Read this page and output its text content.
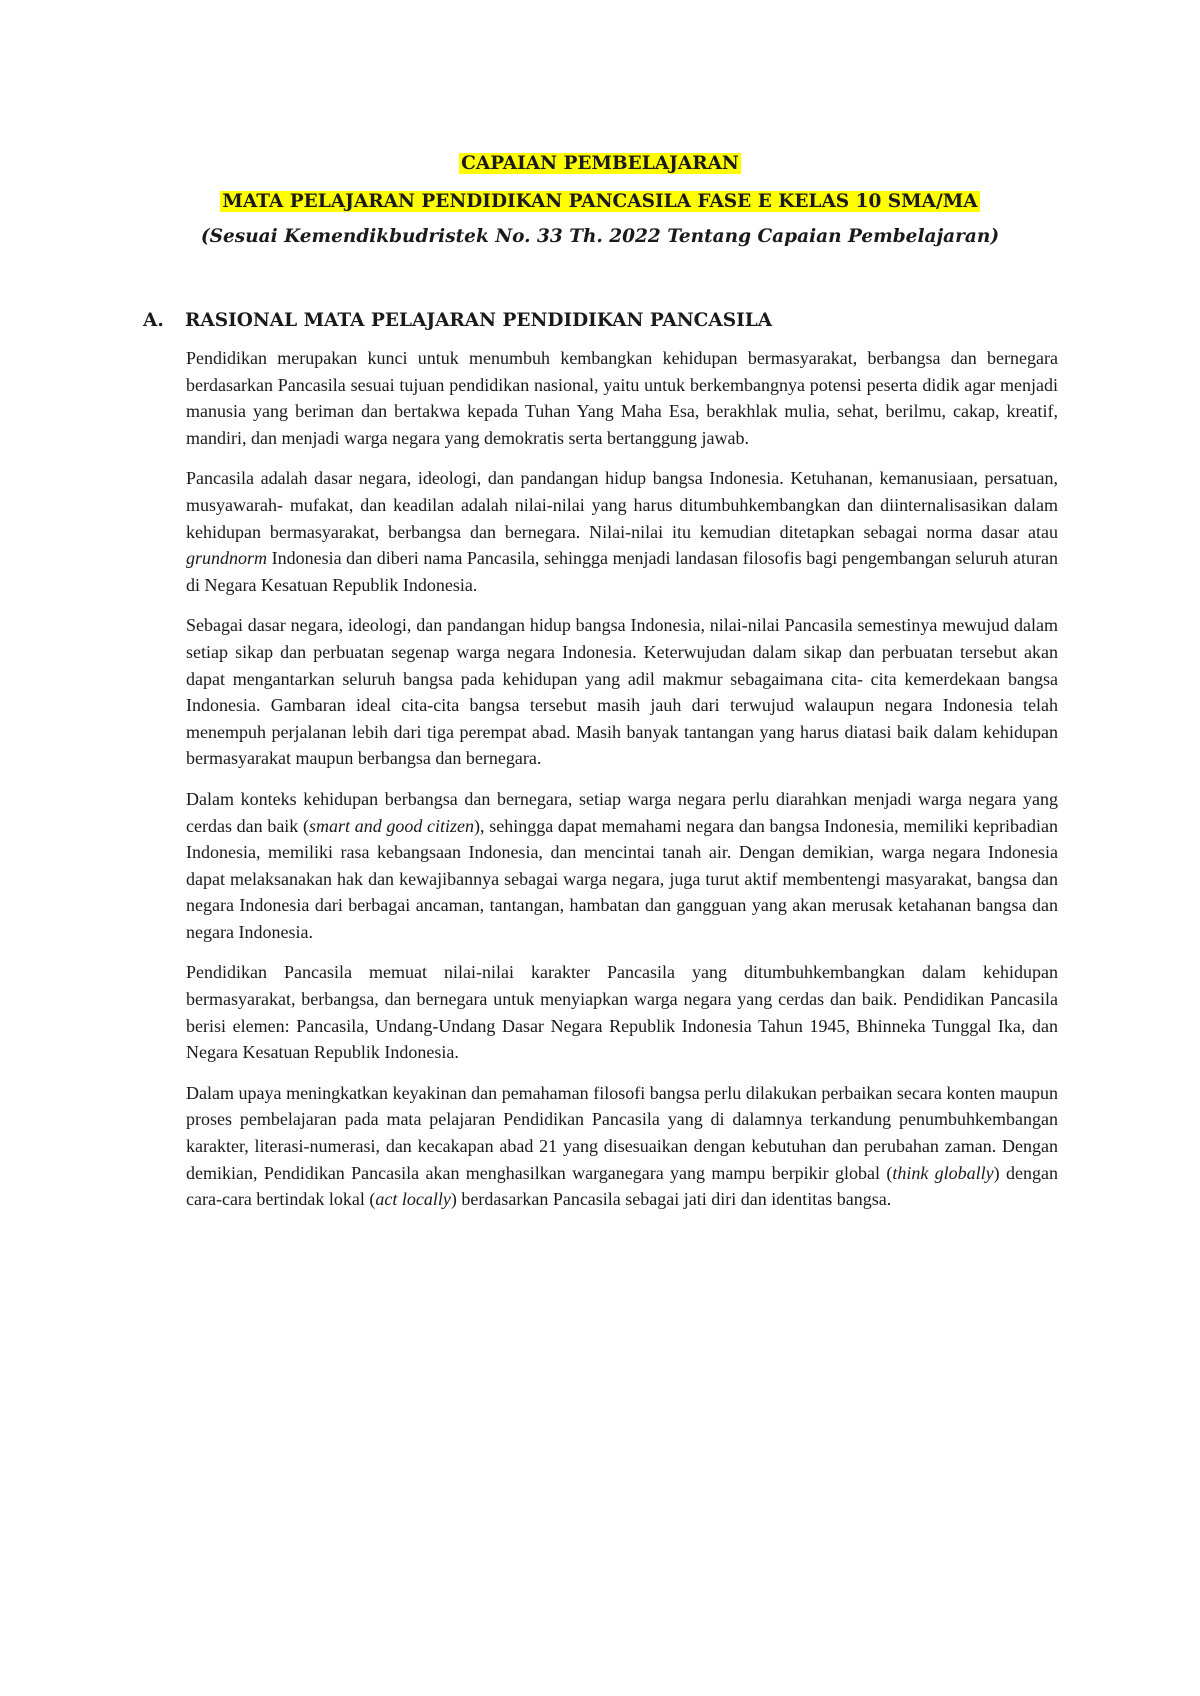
CAPAIAN PEMBELAJARAN
MATA PELAJARAN PENDIDIKAN PANCASILA FASE E KELAS 10 SMA/MA
(Sesuai Kemendikbudristek No. 33 Th. 2022 Tentang Capaian Pembelajaran)
A. RASIONAL MATA PELAJARAN PENDIDIKAN PANCASILA

Pendidikan merupakan kunci untuk menumbuh kembangkan kehidupan bermasyarakat, berbangsa dan bernegara berdasarkan Pancasila sesuai tujuan pendidikan nasional, yaitu untuk berkembangnya potensi peserta didik agar menjadi manusia yang beriman dan bertakwa kepada Tuhan Yang Maha Esa, berakhlak mulia, sehat, berilmu, cakap, kreatif, mandiri, dan menjadi warga negara yang demokratis serta bertanggung jawab.

Pancasila adalah dasar negara, ideologi, dan pandangan hidup bangsa Indonesia. Ketuhanan, kemanusiaan, persatuan, musyawarah- mufakat, dan keadilan adalah nilai-nilai yang harus ditumbuhkembangkan dan diinternalisasikan dalam kehidupan bermasyarakat, berbangsa dan bernegara. Nilai-nilai itu kemudian ditetapkan sebagai norma dasar atau grundnorm Indonesia dan diberi nama Pancasila, sehingga menjadi landasan filosofis bagi pengembangan seluruh aturan di Negara Kesatuan Republik Indonesia.

Sebagai dasar negara, ideologi, dan pandangan hidup bangsa Indonesia, nilai-nilai Pancasila semestinya mewujud dalam setiap sikap dan perbuatan segenap warga negara Indonesia. Keterwujudan dalam sikap dan perbuatan tersebut akan dapat mengantarkan seluruh bangsa pada kehidupan yang adil makmur sebagaimana cita- cita kemerdekaan bangsa Indonesia. Gambaran ideal cita-cita bangsa tersebut masih jauh dari terwujud walaupun negara Indonesia telah menempuh perjalanan lebih dari tiga perempat abad. Masih banyak tantangan yang harus diatasi baik dalam kehidupan bermasyarakat maupun berbangsa dan bernegara.

Dalam konteks kehidupan berbangsa dan bernegara, setiap warga negara perlu diarahkan menjadi warga negara yang cerdas dan baik (smart and good citizen), sehingga dapat memahami negara dan bangsa Indonesia, memiliki kepribadian Indonesia, memiliki rasa kebangsaan Indonesia, dan mencintai tanah air. Dengan demikian, warga negara Indonesia dapat melaksanakan hak dan kewajibannya sebagai warga negara, juga turut aktif membentengi masyarakat, bangsa dan negara Indonesia dari berbagai ancaman, tantangan, hambatan dan gangguan yang akan merusak ketahanan bangsa dan negara Indonesia.

Pendidikan Pancasila memuat nilai-nilai karakter Pancasila yang ditumbuhkembangkan dalam kehidupan bermasyarakat, berbangsa, dan bernegara untuk menyiapkan warga negara yang cerdas dan baik. Pendidikan Pancasila berisi elemen: Pancasila, Undang-Undang Dasar Negara Republik Indonesia Tahun 1945, Bhinneka Tunggal Ika, dan Negara Kesatuan Republik Indonesia.

Dalam upaya meningkatkan keyakinan dan pemahaman filosofi bangsa perlu dilakukan perbaikan secara konten maupun proses pembelajaran pada mata pelajaran Pendidikan Pancasila yang di dalamnya terkandung penumbuhkembangan karakter, literasi-numerasi, dan kecakapan abad 21 yang disesuaikan dengan kebutuhan dan perubahan zaman. Dengan demikian, Pendidikan Pancasila akan menghasilkan warganegara yang mampu berpikir global (think globally) dengan cara-cara bertindak lokal (act locally) berdasarkan Pancasila sebagai jati diri dan identitas bangsa.
